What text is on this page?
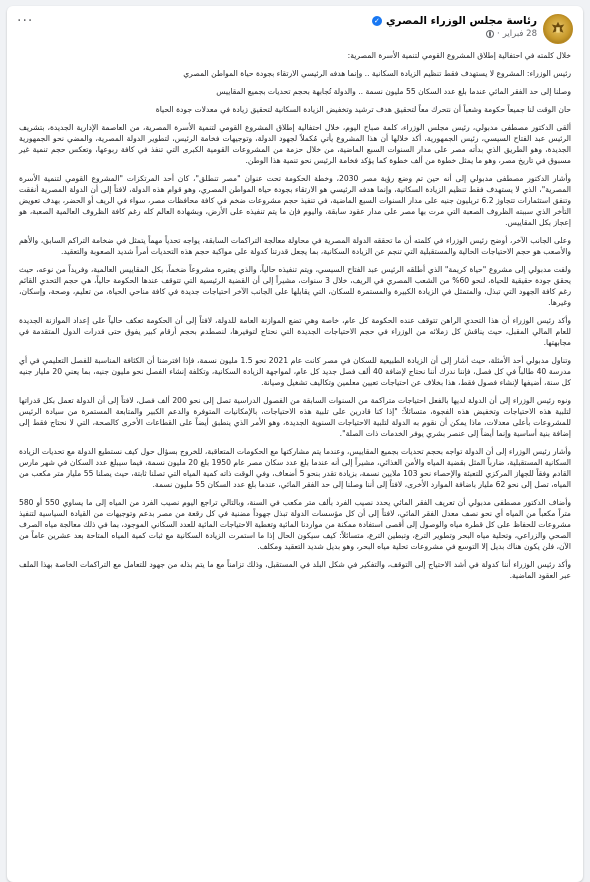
رئاسة مجلس الوزراء المصري
✓
28 فبراير
·
···

خلال كلمته في احتفالية إطلاق المشروع القومي لتنمية الأسرة المصرية:

رئيس الوزراء: المشروع لا يستهدف فقط تنظيم الزيادة السكانية .. وإنما هدفه الرئيسي الارتقاء بجودة حياة المواطن المصري

وصلنا إلى حد الفقر المائي عندما بلغ عدد السكان 55 مليون نسمة .. والدولة تُجابهة بحجم تحديات بجميع المقاييس

حان الوقت لنا جميعاً حكومة وشعباً أن نتحرك معاً لتحقيق هدف ترشيد وتخفيض الزيادة السكانية لتحقيق زيادة في معدلات جودة الحياة

ألقى الدكتور مصطفى مدبولي، رئيس مجلس الوزراء، كلمة صباح اليوم، خلال احتفالية إطلاق المشروع القومي لتنمية الأسرة المصرية، من العاصمة الإدارية الجديدة، بتشريف الرئيس عبد الفتاح السيسي، رئيس الجمهورية، أكد خلالها أن هذا المشروع يأتي مُكملاً لجهود الدولة، وتوجيهات فخامة الرئيس، لتطوير الدولة المصرية، والمضي نحو الجمهورية الجديدة، وهو الطريق الذي بدأته مصر على مدار السنوات السبع الماضية، من خلال حزمة من المشروعات القومية الكبرى التي تنفذ في كافة ربوعها، وتعكس حجم تنمية غير مسبوق في تاريخ مصر، وهو ما يمثل خطوة من ألف خطوة كما يؤكد فخامة الرئيس نحو تنمية هذا الوطن.

وأشار الدكتور مصطفى مدبولي إلى أنه حين تم وضع رؤية مصر 2030، وخطة الحكومة تحت عنوان "مصر تنطلق"، كان أحد المرتكزات "المشروع القومي لتنمية الأسرة المصرية"، الذي لا يستهدف فقط تنظيم الزيادة السكانية، وإنما هدفه الرئيسي هو الارتقاء بجودة حياة المواطن المصري، وهو قوام هذه الدولة، لافتاً إلى أن الدولة المصرية أنفقت وتنفق استثمارات تتجاوز 6.2 تريليون جنيه على مدار السنوات السبع الماضية، في تنفيذ حجم مشروعات ضخم في كافة محافظات مصر، سواء في الريف أو الحضر، بهدف تعويض التأخر الذي سببته الظروف الصعبة التي مرت بها مصر على مدار عقود سابقة، واليوم فإن ما يتم تنفيذه على الأرض، وبشهادة العالم كله رغم كافة الظروف العالمية الصعبة، هو إعجاز بكل المقاييس.

وعلى الجانب الآخر، أوضح رئيس الوزراء في كلمته أن ما تحققه الدولة المصرية في محاولة معالجة التراكمات السابقة، يواجه تحدياً مهماً يتمثل في ضخامة التراكم السابق، والأهم والأصعب هو حجم الاحتياجات الحالية والمستقبلية التي تنجم عن الزيادة السكانية، بما يجعل قدرتنا كدولة على مواكبة حجم هذه التحديات أمراً شديد الصعوبة والتعقيد.

ولفت مدبولي إلى مشروع "حياة كريمة" الذي أطلقه الرئيس عبد الفتاح السيسي، ويتم تنفيذه حالياً، والذي يعتبره مشروعاً ضخماً، بكل المقاييس العالمية، وفريداً من نوعه، حيث يحقق جودة حقيقية للحياة، لنحو 60% من الشعب المصري في الريف، خلال 3 سنوات، مشيراً إلى أن القضية الرئيسية التي تتوقف عندها الحكومة حالياً، هي حجم التحدي القائم رغم كافة الجهود التي تبذل، والمتمثل في الزيادة الكبيرة والمستمرة للسكان، التي يقابلها على الجانب الآخر احتياجات جديدة في كافة مناحي الحياة، من تعليم، وصحة، وإسكان، وغيرها.

وأكد رئيس الوزراء أن هذا التحدي الراهن تتوقف عنده الحكومة كل عام، خاصة وهي تضع الموازنة العامة للدولة، لافتاً إلى أن الحكومة تعكف حالياً على إعداد الموازنة الجديدة للعام المالي المقبل، حيث يناقش كل زملائه من الوزراء في حجم الاحتياجات الجديدة التي نحتاج لتوفيرها، لنصطدم بحجم أرقام كبير يفوق حتى قدرات الدول المتقدمة في مجابهتها.

وتناول مدبولي أحد الأمثلة، حيث أشار إلى أن الزيادة الطبيعية للسكان في مصر كانت عام 2021 نحو 1.5 مليون نسمة، فإذا افترضنا أن الكثافة المناسبة للفصل التعليمي في أي مدرسة 40 طالباً في كل فصل، فإننا ندرك أننا نحتاج لإضافة 40 ألف فصل جديد كل عام، لمواجهة الزيادة السكانية، وتكلفة إنشاء الفصل نحو مليون جنيه، بما يعني 20 مليار جنيه كل سنة، أضيفها لإنشاء فصول فقط، هذا بخلاف عن احتياجات تعيين معلمين وتكاليف تشغيل وصيانة.

ونوه رئيس الوزراء إلى أن الدولة لديها بالفعل احتياجات متراكمة من السنوات السابقة من الفصول الدراسية تصل إلى نحو 200 ألف فصل، لافتاً إلى أن الدولة تعمل بكل قدراتها لتلبية هذه الاحتياجات وتخفيض هذه الفجوة، متسائلاً: "إذا كنا قادرين على تلبية هذه الاحتياجات، بالإمكانيات المتوفرة والدعم الكبير والمتابعة المستمرة من سيادة الرئيس للمشروعات بأعلى معدلات، ماذا يمكن أن نقوم به الدولة لتلبية الاحتياجات السنوية الجديدة، وهو الأمر الذي ينطبق أيضاً على القطاعات الأخرى كالصحة، التي لا نحتاج فقط إلى إضافة بنية أساسية وإنما أيضاً إلى عنصر بشري يوفر الخدمات ذات الصلة".

وأشار رئيس الوزراء إلى أن الدولة تواجه بحجم تحديات بجميع المقاييس، وعندما يتم مشاركتها مع الحكومات المتعاقبة، للخروج بسؤال حول كيف نستطيع الدولة مع تحديات الزيادة السكانية المستقبلية، ضارباً المثل بقضية المياه والأمن الغذائي، مشيراً إلى أنه عندما بلغ عدد سكان مصر عام 1950 بلغ 20 مليون نسمة، فيما سيبلغ عدد السكان في شهر مارس القادم وفقاً للجهاز المركزي للتعبئة والإحصاء نحو 103 ملايين نسمة، بزيادة تقدر بنحو 5 أضعاف، وفي الوقت ذاته كمية المياه التي تصلنا ثابتة، حيث يصلنا 55 مليار متر مكعب من المياه، تصل إلى نحو 62 مليار باضافة الموارد الأخرى، لافتاً إلى أننا وصلنا إلى حد الفقر المائي، عندما بلغ عدد السكان 55 مليون نسمة.

وأضاف الدكتور مصطفى مدبولي أن تعريف الفقر المائي يحدد نصيب الفرد بألف متر مكعب في السنة، وبالتالي تراجع اليوم نصيب الفرد من المياه إلى ما يساوي 550 أو 580 متراً مكعباً من المياه أي نحو نصف معدل الفقر المائي، لافتاً إلى أن كل مؤسسات الدولة تبذل جهوداً مضنية في كل رقعة من مصر بدعم وتوجيهات من القيادة السياسية لتنفيذ مشروعات للحفاظ على كل قطرة مياه والوصول إلى أقصى استفادة ممكنة من مواردنا المائية وتغطية الاحتياجات المائية للعدد السكاني الموجود، بما في ذلك معالجة مياه الصرف الصحي والزراعي، وتحلية مياه البحر وتطوير الترع، وتبطين الترع، متسائلاً: كيف سيكون الحال إذا ما استمرت الزيادة السكانية مع ثبات كمية المياه المتاحة بعد عشرين عاماً من الآن، فلن يكون هناك بديل إلا التوسع في مشروعات تحلية مياه البحر، وهو بديل شديد التعقيد ومكلف.

وأكد رئيس الوزراء أننا كدولة في أشد الاحتياج إلى التوقف، والتفكير في شكل البلد في المستقبل، وذلك تزامناً مع ما يتم بذله من جهود للتعامل مع التراكمات الخاصة بهذا الملف عبر العقود الماضية.
